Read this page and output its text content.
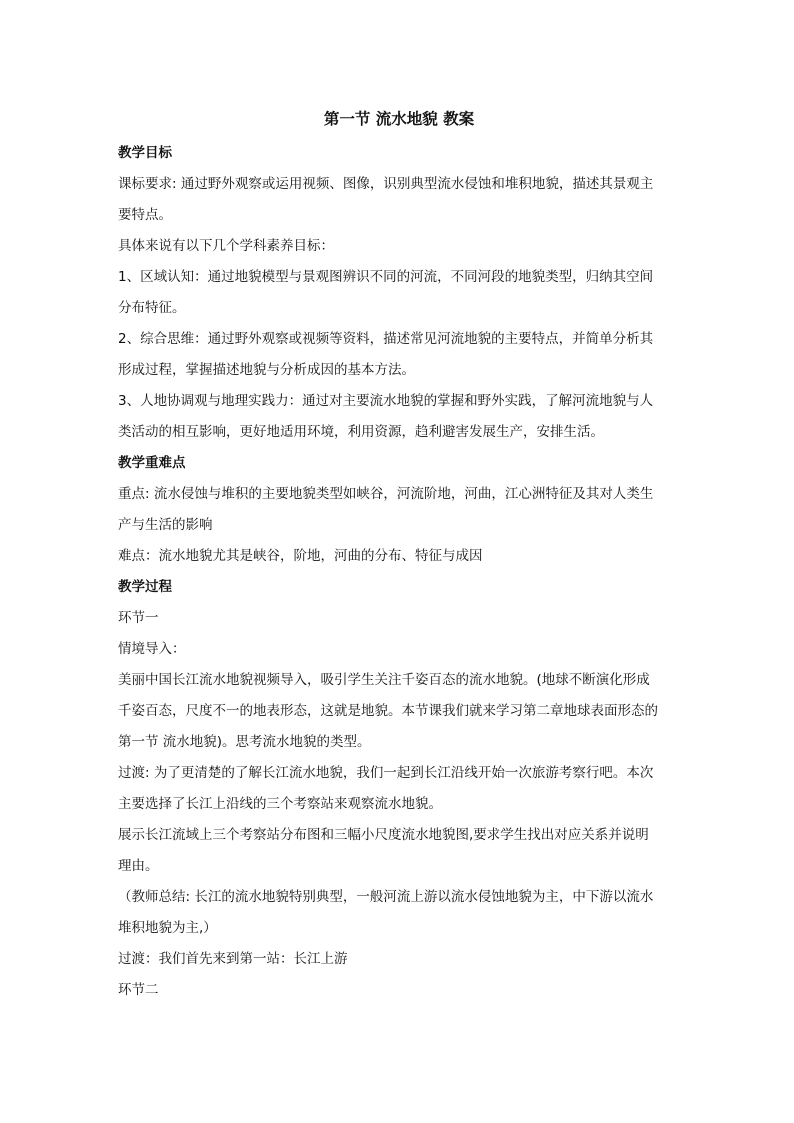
第一节 流水地貌 教案

教学目标

课标要求: 通过野外观察或运用视频、图像，识别典型流水侵蚀和堆积地貌，描述其景观主

要特点。

具体来说有以下几个学科素养目标：

1、区域认知：通过地貌模型与景观图辨识不同的河流，不同河段的地貌类型，归纳其空间

分布特征。

2、综合思维：通过野外观察或视频等资料，描述常见河流地貌的主要特点，并简单分析其

形成过程，掌握描述地貌与分析成因的基本方法。

3、人地协调观与地理实践力：通过对主要流水地貌的掌握和野外实践，了解河流地貌与人

类活动的相互影响，更好地适用环境，利用资源，趋利避害发展生产，安排生活。

教学重难点

重点: 流水侵蚀与堆积的主要地貌类型如峡谷，河流阶地，河曲，江心洲特征及其对人类生

产与生活的影响

难点：流水地貌尤其是峡谷，阶地，河曲的分布、特征与成因

教学过程

环节一

情境导入：

美丽中国长江流水地貌视频导入，吸引学生关注千姿百态的流水地貌。(地球不断演化形成

千姿百态，尺度不一的地表形态，这就是地貌。本节课我们就来学习第二章地球表面形态的

第一节 流水地貌)。思考流水地貌的类型。

过渡: 为了更清楚的了解长江流水地貌，我们一起到长江沿线开始一次旅游考察行吧。本次

主要选择了长江上沿线的三个考察站来观察流水地貌。

展示长江流域上三个考察站分布图和三幅小尺度流水地貌图,要求学生找出对应关系并说明

理由。

（教师总结: 长江的流水地貌特别典型，一般河流上游以流水侵蚀地貌为主，中下游以流水

堆积地貌为主,）

过渡：我们首先来到第一站：长江上游

环节二
